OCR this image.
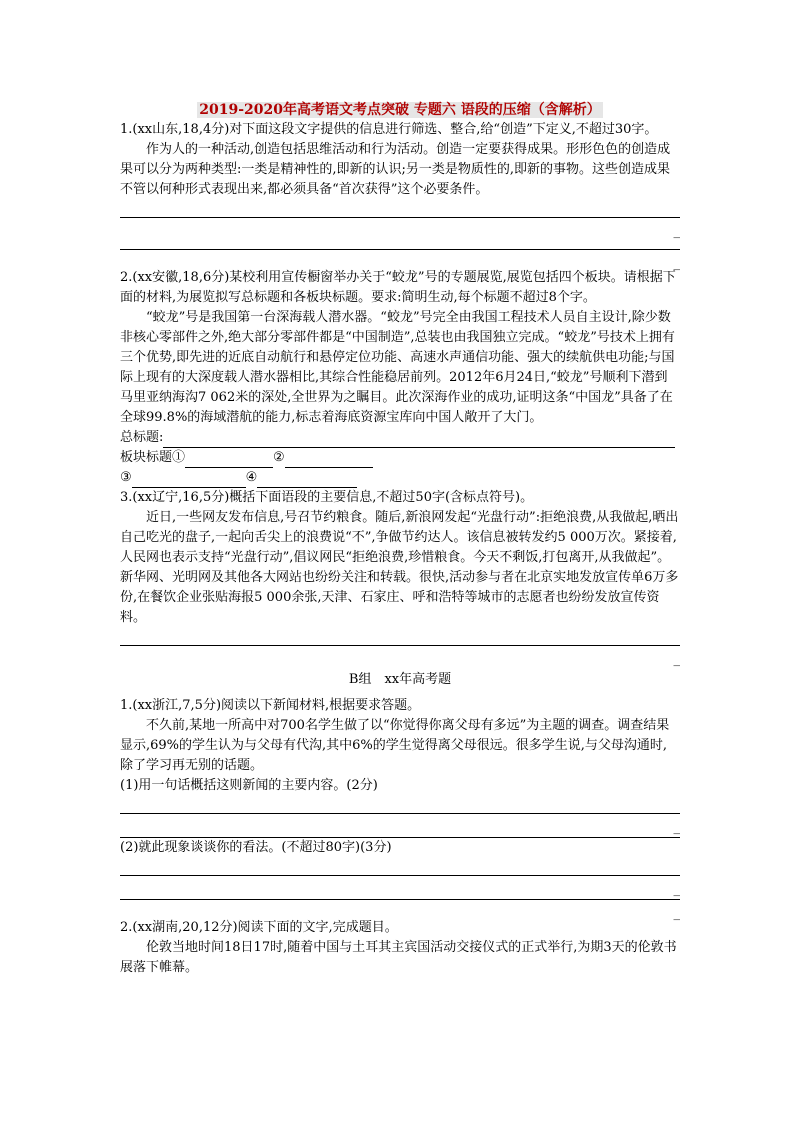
2019-2020年高考语文考点突破 专题六 语段的压缩（含解析）

1.(xx山东,18,4分)对下面这段文字提供的信息进行筛选、整合,给“创造”下定义,不超过30字。

作为人的一种活动,创造包括思维活动和行为活动。创造一定要获得成果。形形色色的创造成果可以分为两种类型:一类是精神性的,即新的认识;另一类是物质性的,即新的事物。这些创造成果不管以何种形式表现出来,都必须具备“首次获得”这个必要条件。

_
_

2.(xx安徽,18,6分)某校利用宣传橱窗举办关于“蛟龙”号的专题展览,展览包括四个板块。请根据下面的材料,为展览拟写总标题和各板块标题。要求:简明生动,每个标题不超过8个字。

“蛟龙”号是我国第一台深海载人潜水器。“蛟龙”号完全由我国工程技术人员自主设计,除少数非核心零部件之外,绝大部分零部件都是“中国制造”,总装也由我国独立完成。“蛟龙”号技术上拥有三个优势,即先进的近底自动航行和悬停定位功能、高速水声通信功能、强大的续航供电功能;与国际上现有的大深度载人潜水器相比,其综合性能稳居前列。2012年6月24日,“蛟龙”号顺利下潜到马里亚纳海沟7 062米的深处,全世界为之瞩目。此次深海作业的成功,证明这条“中国龙”具备了在全球99.8%的海域潜航的能力,标志着海底资源宝库向中国人敞开了大门。

总标题:

板块标题①	②

③	④

3.(xx辽宁,16,5分)概括下面语段的主要信息,不超过50字(含标点符号)。

近日,一些网友发布信息,号召节约粮食。随后,新浪网发起“光盘行动”:拒绝浪费,从我做起,晒出自己吃光的盘子,一起向舌尖上的浪费说“不”,争做节约达人。该信息被转发约5 000万次。紧接着,人民网也表示支持“光盘行动”,倡议网民“拒绝浪费,珍惜粮食。今天不剩饭,打包离开,从我做起”。新华网、光明网及其他各大网站也纷纷关注和转载。很快,活动参与者在北京实地发放宣传单6万多份,在餐饮企业张贴海报5 000余张,天津、石家庄、呼和浩特等城市的志愿者也纷纷发放宣传资料。

_

B组　xx年高考题

1.(xx浙江,7,5分)阅读以下新闻材料,根据要求答题。

不久前,某地一所高中对700名学生做了以“你觉得你离父母有多远”为主题的调查。调查结果显示,69%的学生认为与父母有代沟,其中6%的学生觉得离父母很远。很多学生说,与父母沟通时,除了学习再无别的话题。

(1)用一句话概括这则新闻的主要内容。(2分)

_

(2)就此现象谈谈你的看法。(不超过80字)(3分)

_
_

2.(xx湖南,20,12分)阅读下面的文字,完成题目。

伦敦当地时间18日17时,随着中国与土耳其主宾国活动交接仪式的正式举行,为期3天的伦敦书展落下帷幕。
